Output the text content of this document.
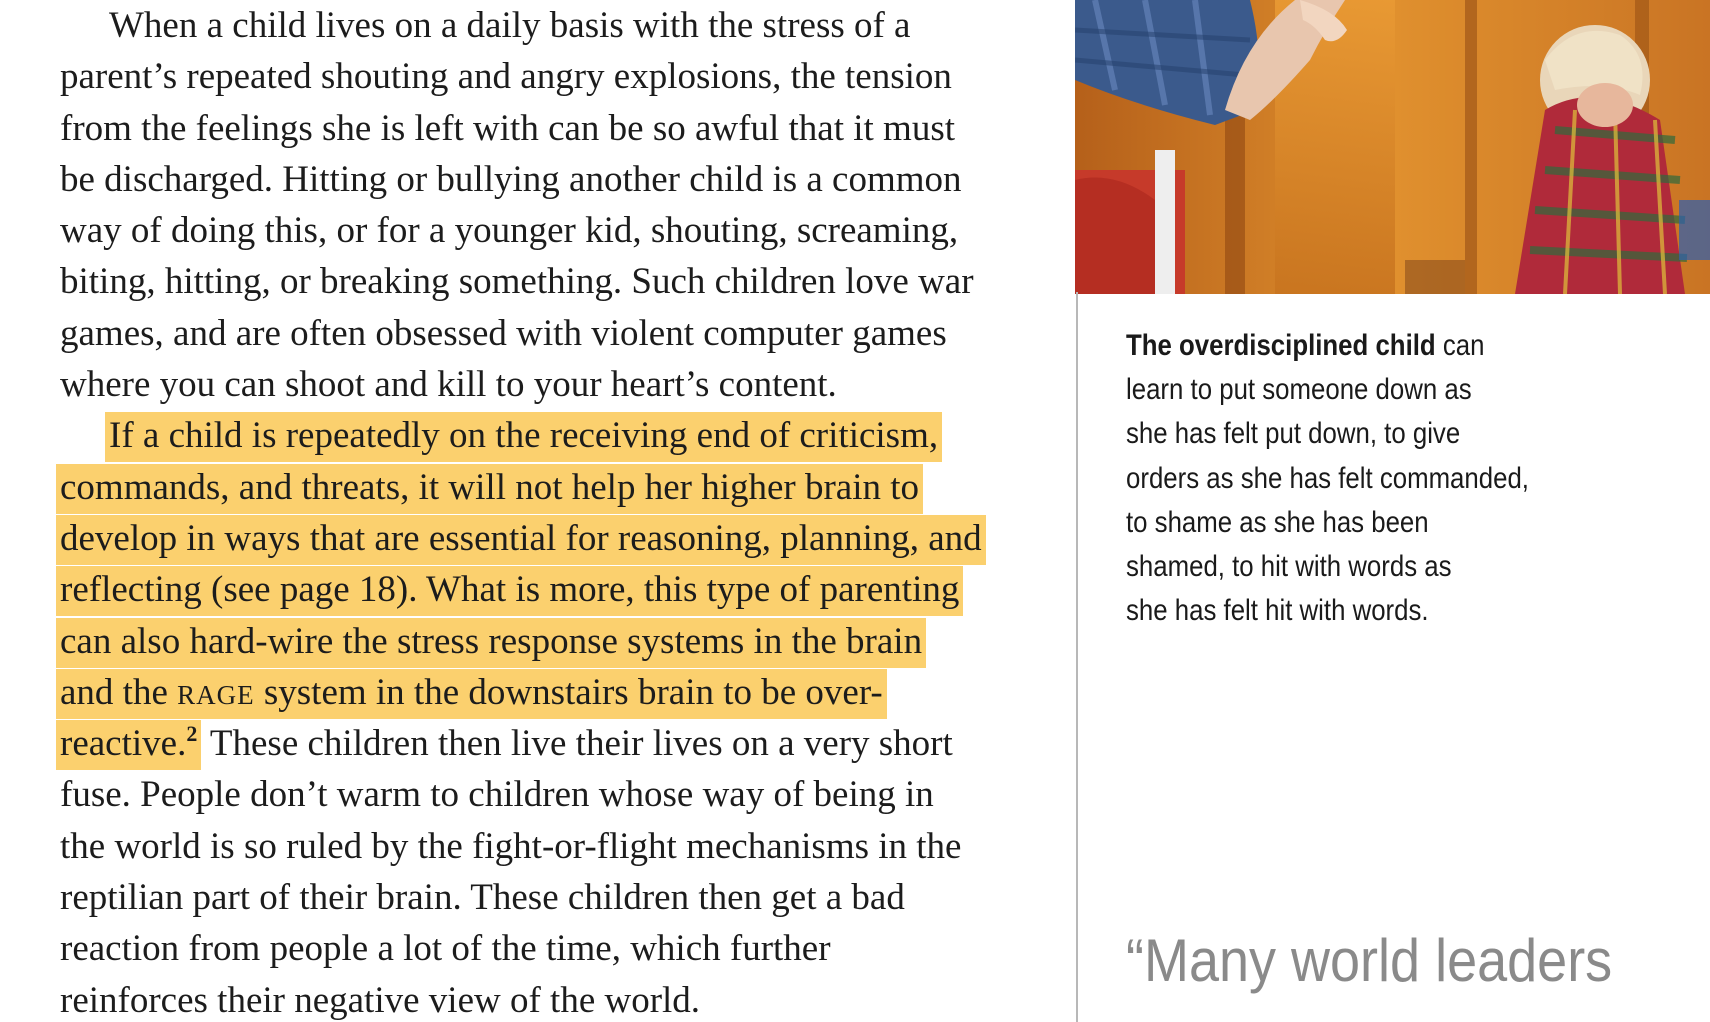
When a child lives on a daily basis with the stress of a
parent’s repeated shouting and angry explosions, the tension
from the feelings she is left with can be so awful that it must
be discharged. Hitting or bullying another child is a common
way of doing this, or for a younger kid, shouting, screaming,
biting, hitting, or breaking something. Such children love war
games, and are often obsessed with violent computer games
where you can shoot and kill to your heart’s content.
If a child is repeatedly on the receiving end of criticism,
commands, and threats, it will not help her higher brain to
develop in ways that are essential for reasoning, planning, and
reflecting (see page 18). What is more, this type of parenting
can also hard-wire the stress response systems in the brain
and the RAGE system in the downstairs brain to be over-
reactive.$^2$ These children then live their lives on a very short
fuse. People don’t warm to children whose way of being in
the world is so ruled by the fight-or-flight mechanisms in the
reptilian part of their brain. These children then get a bad
reaction from people a lot of the time, which further
reinforces their negative view of the world.
The overdisciplined child can
learn to put someone down as
she has felt put down, to give
orders as she has felt commanded,
to shame as she has been
shamed, to hit with words as
she has felt hit with words.
“Many world leaders
